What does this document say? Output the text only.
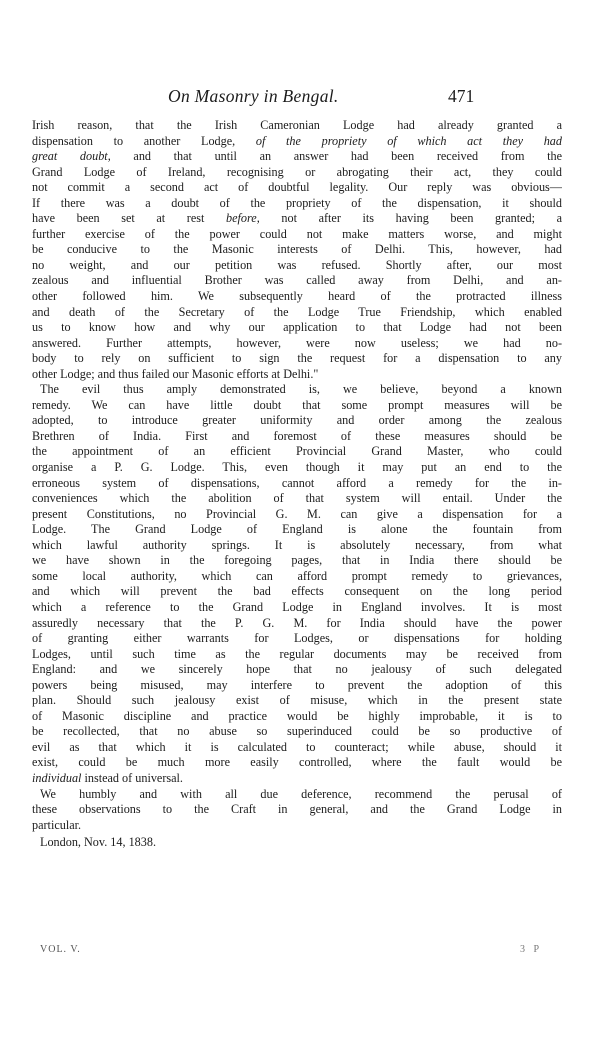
On Masonry in Bengal.	471
Irish reason, that the Irish Cameronian Lodge had already granted a
dispensation to another Lodge, of the propriety of which act they had
great doubt, and that until an answer had been received from the
Grand Lodge of Ireland, recognising or abrogating their act, they could
not commit a second act of doubtful legality. Our reply was obvious—
If there was a doubt of the propriety of the dispensation, it should
have been set at rest before, not after its having been granted; a
further exercise of the power could not make matters worse, and might
be conducive to the Masonic interests of Delhi. This, however, had
no weight, and our petition was refused. Shortly after, our most
zealous and influential Brother was called away from Delhi, and an-
other followed him. We subsequently heard of the protracted illness
and death of the Secretary of the Lodge True Friendship, which enabled
us to know how and why our application to that Lodge had not been
answered. Further attempts, however, were now useless; we had no-
body to rely on sufficient to sign the request for a dispensation to any
other Lodge; and thus failed our Masonic efforts at Delhi."
The evil thus amply demonstrated is, we believe, beyond a known
remedy. We can have little doubt that some prompt measures will be
adopted, to introduce greater uniformity and order among the zealous
Brethren of India. First and foremost of these measures should be
the appointment of an efficient Provincial Grand Master, who could
organise a P. G. Lodge. This, even though it may put an end to the
erroneous system of dispensations, cannot afford a remedy for the in-
conveniences which the abolition of that system will entail. Under the
present Constitutions, no Provincial G. M. can give a dispensation for a
Lodge. The Grand Lodge of England is alone the fountain from
which lawful authority springs. It is absolutely necessary, from what
we have shown in the foregoing pages, that in India there should be
some local authority, which can afford prompt remedy to grievances,
and which will prevent the bad effects consequent on the long period
which a reference to the Grand Lodge in England involves. It is most
assuredly necessary that the P. G. M. for India should have the power
of granting either warrants for Lodges, or dispensations for holding
Lodges, until such time as the regular documents may be received from
England: and we sincerely hope that no jealousy of such delegated
powers being misused, may interfere to prevent the adoption of this
plan. Should such jealousy exist of misuse, which in the present state
of Masonic discipline and practice would be highly improbable, it is to
be recollected, that no abuse so superinduced could be so productive of
evil as that which it is calculated to counteract; while abuse, should it
exist, could be much more easily controlled, where the fault would be
individual instead of universal.
We humbly and with all due deference, recommend the perusal of
these observations to the Craft in general, and the Grand Lodge in
particular.
London, Nov. 14, 1838.
VOL. V.	3 P
